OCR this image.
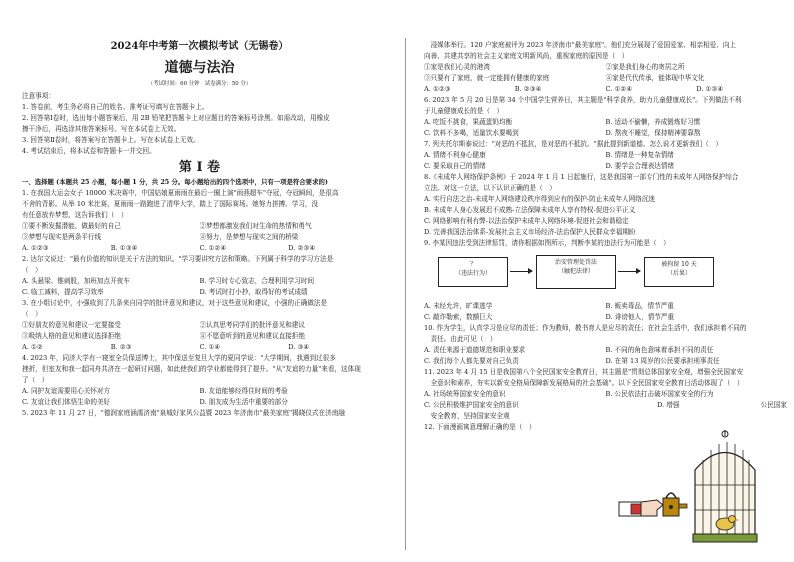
2024年中考第一次模拟考试（无锡卷）
道德与法治
（考试时间：60 分钟　试卷满分：50 分）
注意事项：
1. 答卷前，考生务必将自己的姓名、准考证号填写在答题卡上。
2. 回答第Ⅰ卷时，选出每小题答案后，用 2B 铅笔把答题卡上对应题目的答案标号涂黑。如需改动，用橡皮
擦干净后，再选涂其他答案标号。写在本试卷上无效。
3. 回答第Ⅱ卷时，将答案写在答题卡上。写在本试卷上无效。
4. 考试结束后，将本试卷和答题卡一并交回。
第 I 卷
一、选择题 (本题共 25 小题，每小题 1 分，共 25 分。每小题给出的四个选项中，只有一项是符合要求的)
1. 在我国大运会女子 10000 米决赛中，中国姑娘夏雨雨在最后一圈上演"雨燕超车"夺冠，夺冠瞬间，是很高
不舍的背影。从举 10 米比赛，夏雨雨一路跑进了清华大学，踏上了国际赛场。她努力拼搏、学习，没
有任意放弃梦想，这告诉我们（　）
①要不断发掘潜能，做最好的自己	②梦想都激发我们对生命的热情和勇气
③梦想与现实是两条平行线	④努力，是梦想与现实之间的桥梁
A. ①②③	B. ①③④	C. ①②④	D. ②③④
2. 达尔文说过："最有价值的知识是关于方法的知识。"学习要讲究方法和策略。下列属于科学的学习方法是
（　）
A. 头悬梁、锥刺股，加班加点开夜车	B. 学习时专心致志，合理利用学习时间
C. 临工减料，提高学习效率	D. 考试时打小抄，取得好的考试成绩
3. 在小组讨论中，小强收到了几条来自同学的批评意见和建议，对于这些意见和建议，小强的正确做法是
（　）
①好朋友的意见和建议一定要接受	②认真思考同学们的批评意见和建议
③吸纳人格的意见和建议选择拒绝	④不愿意听到的意见和建议直接拒绝
A. ①②	B. ②③	C. ①④	D. ③④
4. 2023 年，同济大学有一寝室全员保送博士，其中保送至复旦大学的夏同学说："大学期间，我遇到过很多
挫折，但室友和我一起同舟共济在一起研讨问题，如此使我们的学业都能得到了提升。"从"友谊的力量"来看，这体现
了（　）
A. 同护友谊需要用心关怀对方	B. 友谊能够经得住时间的考验
C. 友谊让我们体悟生命的美好	D. 朋友成为生活中重要的部分
5. 2023 年 11 月 27 日，"德润家庭涵濡济南"泉城好家风公益暨 2023 年济南市"最美家庭"揭晓仪式在济南融
　浸媒体举行。120 户家庭被评为 2023 年济南市"最美家庭"。他们充分展现了爱国爱家、相亲相爱、向上
向善、共建共享的社会主义家庭文明新风尚，重视家庭的原因是（　）
①家是我们心灵的港湾	②家是我们身心的寄居之所
③只要有了家庭，就一定能拥有健康的家庭	④家是代代传承，能体现中华文化
A. ①②③	B. ②③④	C. ①②④	D. ①③④
6. 2023 年 5 月 20 日是第 34 个中国学生营养日，其主题是"科学食养，助力儿童健康成长"。下列做法不利
于儿童健康成长的是（　）
A. 吃饭不挑食，果蔬蛋奶均衡	B. 适动不偷懒，养成锻炼好习惯
C. 饮料不多喝，适量饮水要喝到	D. 熬夜不睡觉，保持精神要靠熬
7. 列夫托尔斯泰说过："对恶的不抵抗，是对恶的不抵抗。"据此提到新道德、怎么说才更新我们（　）
A. 情绪不利身心健康	B. 情绪是一种复杂情绪
C. 要采取自己的情绪	D. 要学会合理表达情绪
8.《未成年人网络保护条例》于 2024 年 1 月 1 日起施行，这是我国第一部专门性的未成年人网络保护综合
立法。对这一立法，以下认识正确的是（　）
A. 实行自法之治-未成年人网络建设秩序得到应有的保护-防止未成年人网络沉迷
B. 未成年人身心发展迟不成熟-立法保障未成年人享有特权-促进公平正义
C. 网络影响有利有弊-以法治保护未成年人网络环境-促进社会和谐稳定
D. 完善我国法治体系-发展社会主义市场经济-法治保护人民群众幸福期盼
9. 李某因违法受到法律惩罚，请你根据如图所示，判断李某的违法行为可能是（　）
？
（违法行为）
治安管理处罚法
（触犯法律）
被拘留 10 天
（后果）
A. 未经允许，旷课逃学	B. 贩卖毒品，情节严重
C. 敲诈勒索，数额巨大	D. 诽谤他人，情节严重
10. 作为学生，认真学习是应尽的责任；作为教师，教书育人是应尽的责任；在社会生活中，我们承担着不同的
　责任。由此可见（　）
A. 责任来源于道德规范和职业要求	B. 不同的角色意味着承担不同的责任
C. 我们每个人都先要对自己负责	D. 在第 13 周岁的公民要承担刑事责任
11. 2023 年 4 月 15 日是我国第八个全民国家安全教育日，其主题是"贯彻总体国家安全观，增强全民国家安
　全意识和素养，夯实以新安全格局保障新发展格局的社会基础"。以下全民国家安全教育日活动体现了（　）
A. 社场统筹国家安全的意识	B. 公民依法打击破坏国家安全的行为
C. 公民积极维护国家安全的意识	D. 增强	公民国家
　安全教育，坚持国家安全观
12. 下面漫画寓意理解正确的是（　）
